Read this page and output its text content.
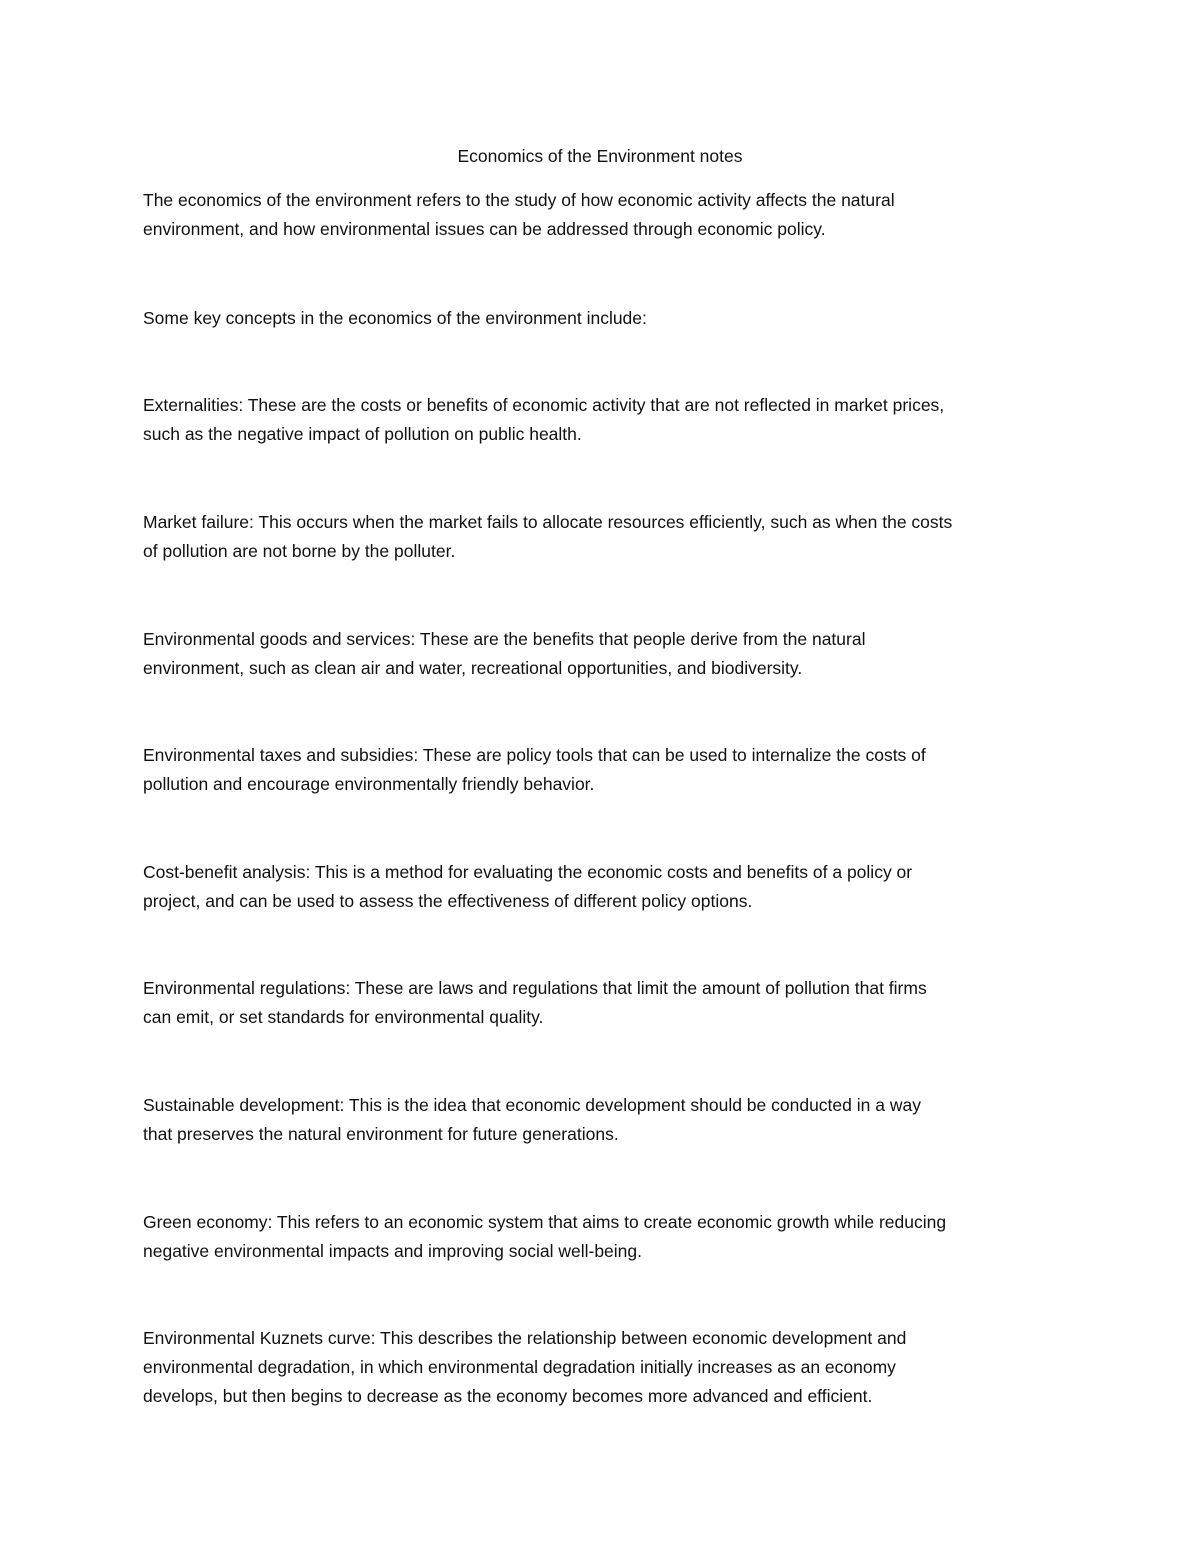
Economics of the Environment notes

The economics of the environment refers to the study of how economic activity affects the natural
environment, and how environmental issues can be addressed through economic policy.

Some key concepts in the economics of the environment include:

Externalities: These are the costs or benefits of economic activity that are not reflected in market prices,
such as the negative impact of pollution on public health.

Market failure: This occurs when the market fails to allocate resources efficiently, such as when the costs
of pollution are not borne by the polluter.

Environmental goods and services: These are the benefits that people derive from the natural
environment, such as clean air and water, recreational opportunities, and biodiversity.

Environmental taxes and subsidies: These are policy tools that can be used to internalize the costs of
pollution and encourage environmentally friendly behavior.

Cost-benefit analysis: This is a method for evaluating the economic costs and benefits of a policy or
project, and can be used to assess the effectiveness of different policy options.

Environmental regulations: These are laws and regulations that limit the amount of pollution that firms
can emit, or set standards for environmental quality.

Sustainable development: This is the idea that economic development should be conducted in a way
that preserves the natural environment for future generations.

Green economy: This refers to an economic system that aims to create economic growth while reducing
negative environmental impacts and improving social well-being.

Environmental Kuznets curve: This describes the relationship between economic development and
environmental degradation, in which environmental degradation initially increases as an economy
develops, but then begins to decrease as the economy becomes more advanced and efficient.
